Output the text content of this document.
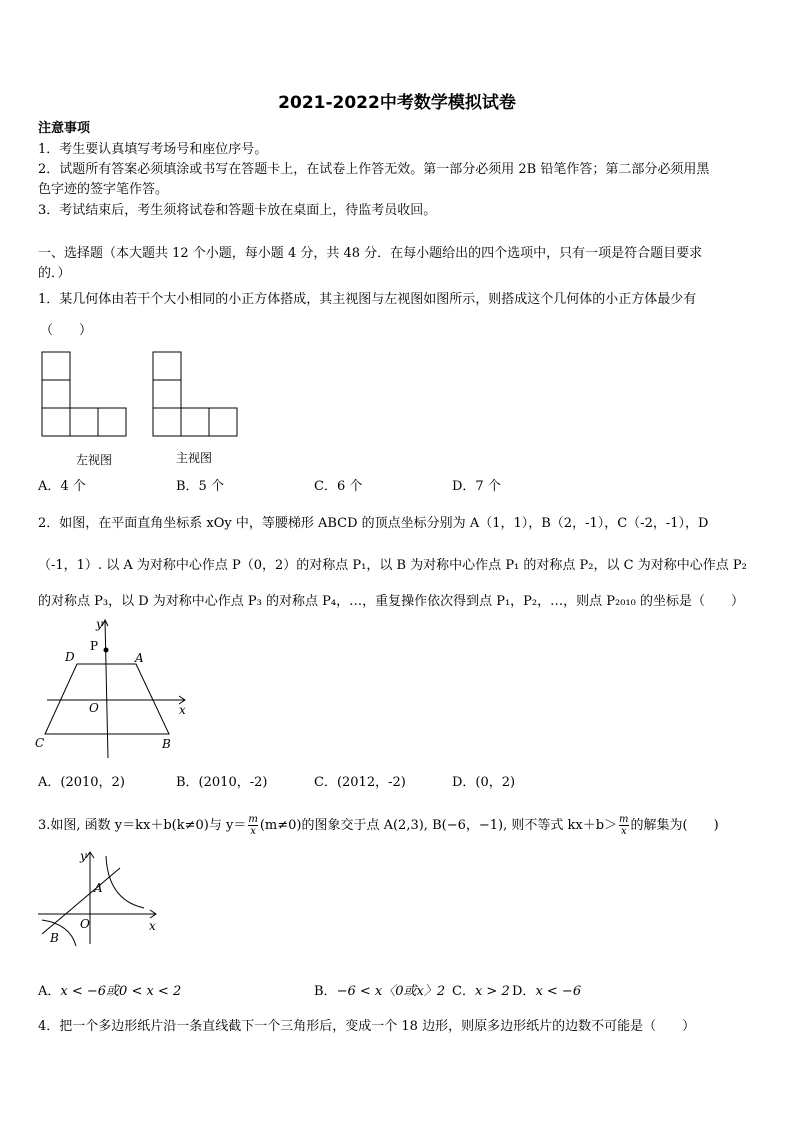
2021-2022中考数学模拟试卷
注意事项
1．考生要认真填写考场号和座位序号。
2．试题所有答案必须填涂或书写在答题卡上，在试卷上作答无效。第一部分必须用 2B 铅笔作答；第二部分必须用黑
色字迹的签字笔作答。
3．考试结束后，考生须将试卷和答题卡放在桌面上，待监考员收回。
一、选择题（本大题共 12 个小题，每小题 4 分，共 48 分．在每小题给出的四个选项中，只有一项是符合题目要求
的．）
1．某几何体由若干个大小相同的小正方体搭成，其主视图与左视图如图所示，则搭成这个几何体的小正方体最少有
（　　）
左视图	主视图
A．4 个	B．5 个	C．6 个	D．7 个
2．如图，在平面直角坐标系 xOy 中，等腰梯形 ABCD 的顶点坐标分别为 A（1，1），B（2，-1），C（-2，-1），D
（-1，1）. 以 A 为对称中心作点 P（0，2）的对称点 P₁，以 B 为对称中心作点 P₁ 的对称点 P₂，以 C 为对称中心作点 P₂
的对称点 P₃，以 D 为对称中心作点 P₃ 的对称点 P₄，…，重复操作依次得到点 P₁，P₂，…，则点 P₂₀₁₀ 的坐标是（　　）
y
P
D	A
O	x
C	B
A．(2010，2)	B．(2010，-2)	C．(2012，-2)	D．(0，2)
3.如图, 函数 y＝kx＋b(k≠0)与 $y= \frac{m}{x} (m\ne 0)$的图象交于点 A(2,3), B(−6，−1), 则不等式 $kx+b> \frac{m}{x}$ 的解集为(　　)
y
A
O	x
B
A．x < −6或0 < x < 2	B．−6 < x〈0或x〉2 C．x > 2 D．x < −6
4．把一个多边形纸片沿一条直线截下一个三角形后，变成一个 18 边形，则原多边形纸片的边数不可能是（　　）
